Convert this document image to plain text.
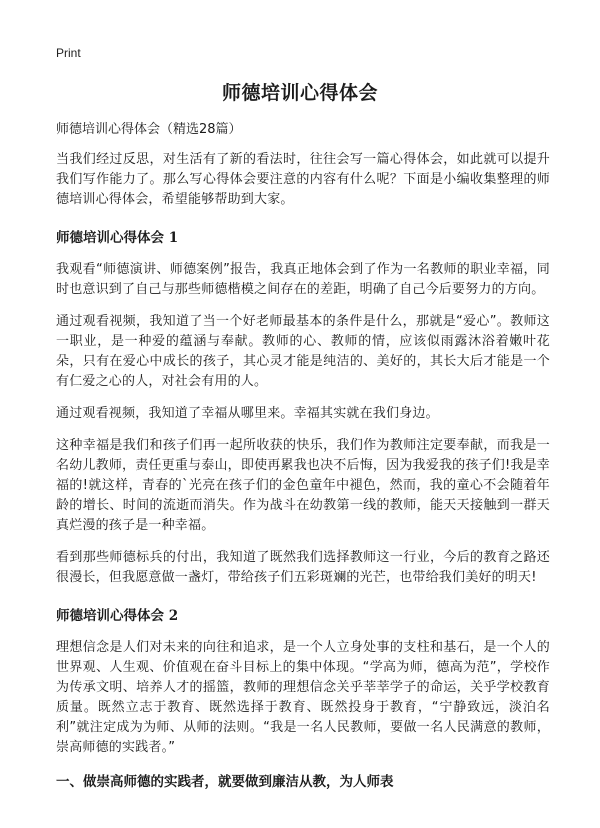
Print
师德培训心得体会
师德培训心得体会（精选28篇）

当我们经过反思，对生活有了新的看法时，往往会写一篇心得体会，如此就可以提升我们写作能力了。那么写心得体会要注意的内容有什么呢？下面是小编收集整理的师德培训心得体会，希望能够帮助到大家。

师德培训心得体会 1

我观看“师德演讲、师德案例”报告，我真正地体会到了作为一名教师的职业幸福，同时也意识到了自己与那些师德楷模之间存在的差距，明确了自己今后要努力的方向。

通过观看视频，我知道了当一个好老师最基本的条件是什么，那就是“爱心”。教师这一职业，是一种爱的蕴涵与奉献。教师的心、教师的情，应该似雨露沐浴着嫩叶花朵，只有在爱心中成长的孩子，其心灵才能是纯洁的、美好的，其长大后才能是一个有仁爱之心的人，对社会有用的人。

通过观看视频，我知道了幸福从哪里来。幸福其实就在我们身边。

这种幸福是我们和孩子们再一起所收获的快乐，我们作为教师注定要奉献，而我是一名幼儿教师，责任更重与泰山，即使再累我也决不后悔，因为我爱我的孩子们!我是幸福的!就这样，青春的`光亮在孩子们的金色童年中褪色，然而，我的童心不会随着年龄的增长、时间的流逝而消失。作为战斗在幼教第一线的教师，能天天接触到一群天真烂漫的孩子是一种幸福。

看到那些师德标兵的付出，我知道了既然我们选择教师这一行业，今后的教育之路还很漫长，但我愿意做一盏灯，带给孩子们五彩斑斓的光芒，也带给我们美好的明天!

师德培训心得体会 2

理想信念是人们对未来的向往和追求，是一个人立身处事的支柱和基石，是一个人的世界观、人生观、价值观在奋斗目标上的集中体现。“学高为师，德高为范”，学校作为传承文明、培养人才的摇篮，教师的理想信念关乎莘莘学子的命运，关乎学校教育质量。既然立志于教育、既然选择于教育、既然投身于教育，“宁静致远，淡泊名利”就注定成为为师、从师的法则。“我是一名人民教师，要做一名人民满意的教师，崇高师德的实践者。”

一、做崇高师德的实践者，就要做到廉洁从教，为人师表
